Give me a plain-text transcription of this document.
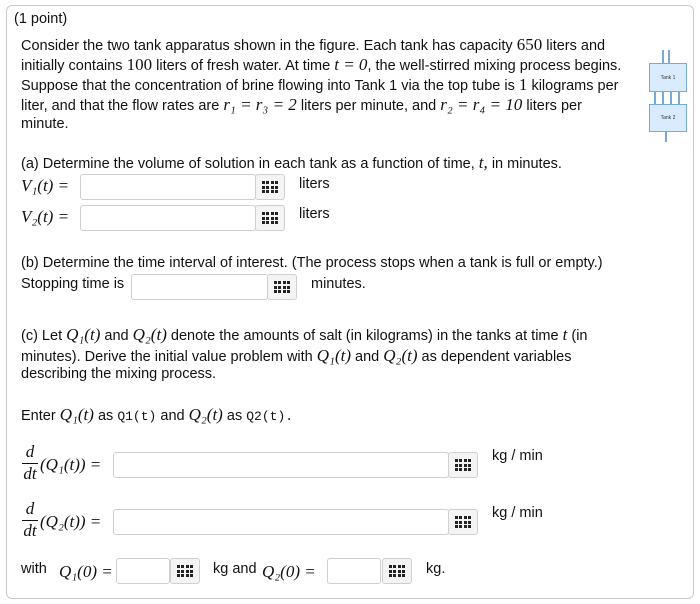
(1 point)
Consider the two tank apparatus shown in the figure. Each tank has capacity 650 liters and
initially contains 100 liters of fresh water. At time t = 0, the well-stirred mixing process begins.
Suppose that the concentration of brine flowing into Tank 1 via the top tube is 1 kilograms per
liter, and that the flow rates are r₁ = r₃ = 2 liters per minute, and r₂ = r₄ = 10 liters per
minute.
Tank 1
Tank 2
(a) Determine the volume of solution in each tank as a function of time, t, in minutes.
V₁(t) =	liters
V₂(t) =	liters
(b) Determine the time interval of interest. (The process stops when a tank is full or empty.)
Stopping time is	minutes.
(c) Let Q₁(t) and Q₂(t) denote the amounts of salt (in kilograms) in the tanks at time t (in
minutes). Derive the initial value problem with Q₁(t) and Q₂(t) as dependent variables
describing the mixing process.
Enter Q₁(t) as Q1(t) and Q₂(t) as Q2(t).
$\frac{d}{dt} (Q_1(t))$ =	kg / min
$\frac{d}{dt} (Q_2(t))$ =	kg / min
with Q₁(0) =	kg and Q₂(0) =	kg.
